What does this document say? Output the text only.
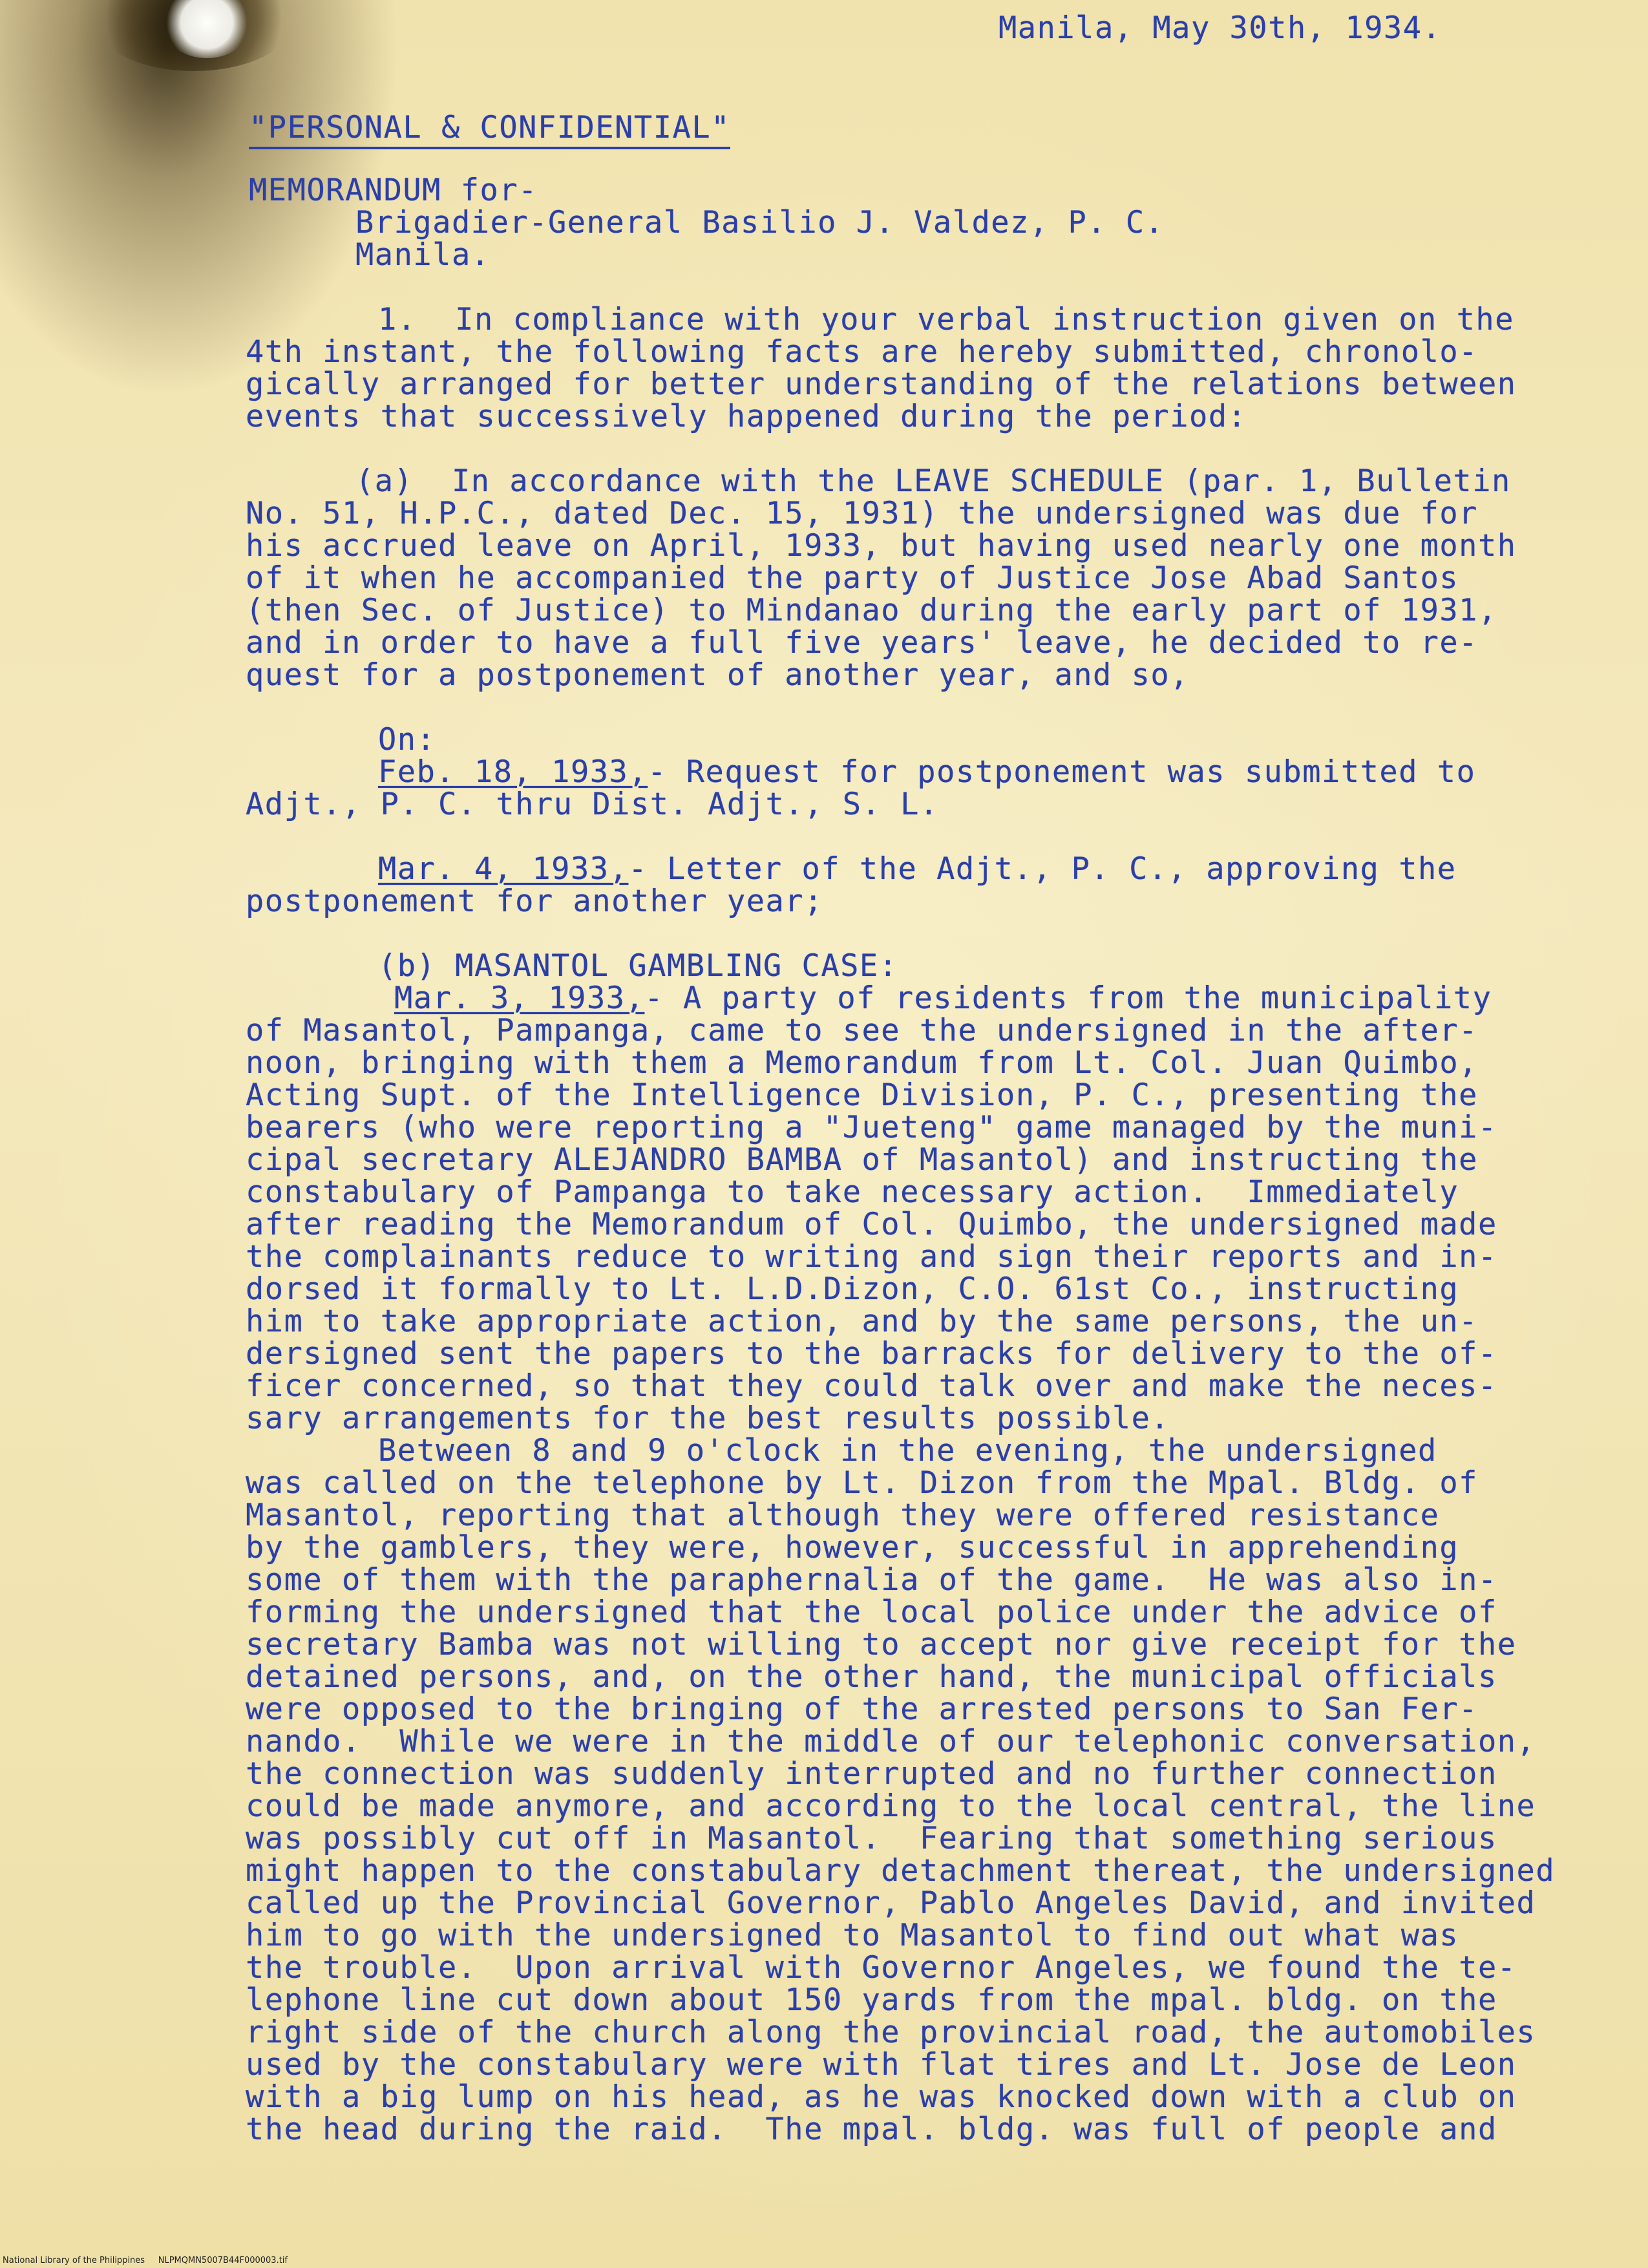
Manila, May 30th, 1934.
"PERSONAL & CONFIDENTIAL"
MEMORANDUM for-
Brigadier-General Basilio J. Valdez, P. C.
Manila.
1.  In compliance with your verbal instruction given on the
4th instant, the following facts are hereby submitted, chronolo-
gically arranged for better understanding of the relations between
events that successively happened during the period:
(a)  In accordance with the LEAVE SCHEDULE (par. 1, Bulletin
No. 51, H.P.C., dated Dec. 15, 1931) the undersigned was due for
his accrued leave on April, 1933, but having used nearly one month
of it when he accompanied the party of Justice Jose Abad Santos
(then Sec. of Justice) to Mindanao during the early part of 1931,
and in order to have a full five years' leave, he decided to re-
quest for a postponement of another year, and so,
On:
Feb. 18, 1933,- Request for postponement was submitted to
Adjt., P. C. thru Dist. Adjt., S. L.
Mar. 4, 1933,- Letter of the Adjt., P. C., approving the
postponement for another year;
(b) MASANTOL GAMBLING CASE:
Mar. 3, 1933,- A party of residents from the municipality
of Masantol, Pampanga, came to see the undersigned in the after-
noon, bringing with them a Memorandum from Lt. Col. Juan Quimbo,
Acting Supt. of the Intelligence Division, P. C., presenting the
bearers (who were reporting a "Jueteng" game managed by the muni-
cipal secretary ALEJANDRO BAMBA of Masantol) and instructing the
constabulary of Pampanga to take necessary action.  Immediately
after reading the Memorandum of Col. Quimbo, the undersigned made
the complainants reduce to writing and sign their reports and in-
dorsed it formally to Lt. L.D.Dizon, C.O. 61st Co., instructing
him to take appropriate action, and by the same persons, the un-
dersigned sent the papers to the barracks for delivery to the of-
ficer concerned, so that they could talk over and make the neces-
sary arrangements for the best results possible.
Between 8 and 9 o'clock in the evening, the undersigned
was called on the telephone by Lt. Dizon from the Mpal. Bldg. of
Masantol, reporting that although they were offered resistance
by the gamblers, they were, however, successful in apprehending
some of them with the paraphernalia of the game.  He was also in-
forming the undersigned that the local police under the advice of
secretary Bamba was not willing to accept nor give receipt for the
detained persons, and, on the other hand, the municipal officials
were opposed to the bringing of the arrested persons to San Fer-
nando.  While we were in the middle of our telephonic conversation,
the connection was suddenly interrupted and no further connection
could be made anymore, and according to the local central, the line
was possibly cut off in Masantol.  Fearing that something serious
might happen to the constabulary detachment thereat, the undersigned
called up the Provincial Governor, Pablo Angeles David, and invited
him to go with the undersigned to Masantol to find out what was
the trouble.  Upon arrival with Governor Angeles, we found the te-
lephone line cut down about 150 yards from the mpal. bldg. on the
right side of the church along the provincial road, the automobiles
used by the constabulary were with flat tires and Lt. Jose de Leon
with a big lump on his head, as he was knocked down with a club on
the head during the raid.  The mpal. bldg. was full of people and
National Library of the Philippines     NLPMQMN5007B44F000003.tif
